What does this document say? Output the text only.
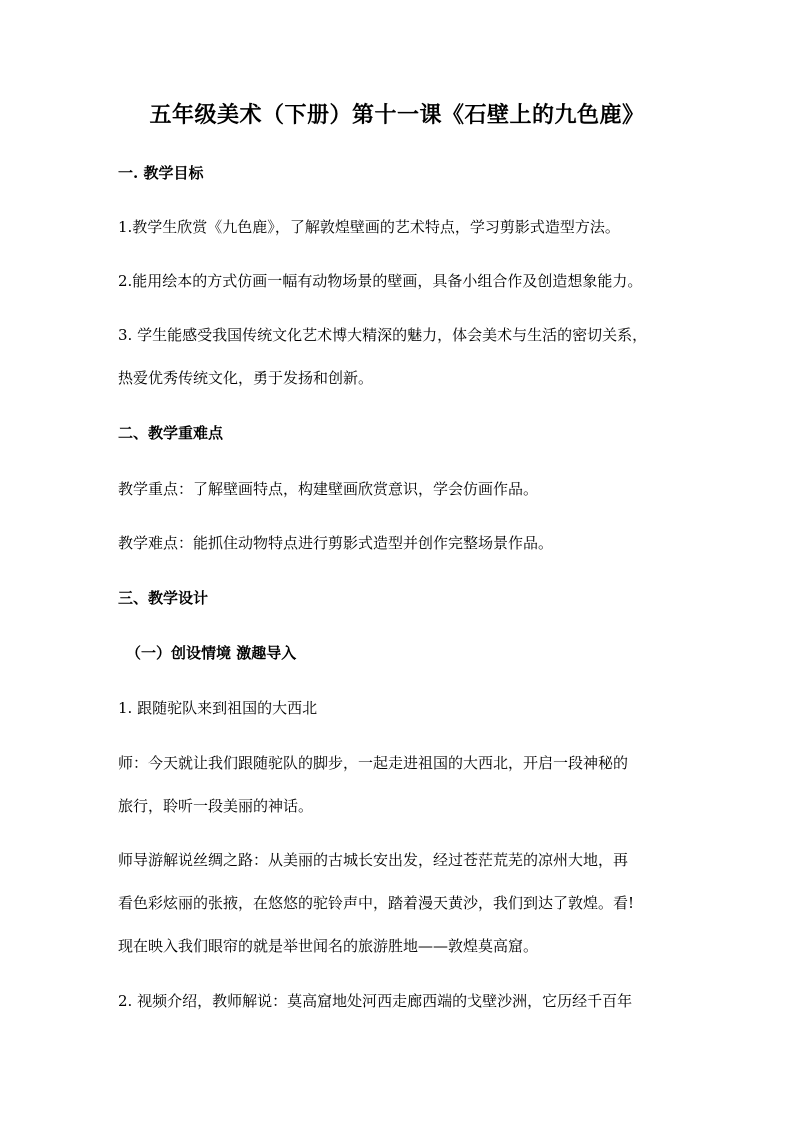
五年级美术（下册）第十一课《石壁上的九色鹿》
一. 教学目标
1.教学生欣赏《九色鹿》，了解敦煌壁画的艺术特点，学习剪影式造型方法。
2.能用绘本的方式仿画一幅有动物场景的壁画，具备小组合作及创造想象能力。
3. 学生能感受我国传统文化艺术博大精深的魅力，体会美术与生活的密切关系，
热爱优秀传统文化，勇于发扬和创新。
二、教学重难点
教学重点：了解壁画特点，构建壁画欣赏意识，学会仿画作品。
教学难点：能抓住动物特点进行剪影式造型并创作完整场景作品。
三、教学设计
（一）创设情境 激趣导入
1. 跟随驼队来到祖国的大西北
师：今天就让我们跟随驼队的脚步，一起走进祖国的大西北，开启一段神秘的
旅行，聆听一段美丽的神话。
师导游解说丝绸之路：从美丽的古城长安出发，经过苍茫荒芜的凉州大地，再
看色彩炫丽的张掖，在悠悠的驼铃声中，踏着漫天黄沙，我们到达了敦煌。看!
现在映入我们眼帘的就是举世闻名的旅游胜地——敦煌莫高窟。
2. 视频介绍，教师解说：莫高窟地处河西走廊西端的戈壁沙洲，它历经千百年
